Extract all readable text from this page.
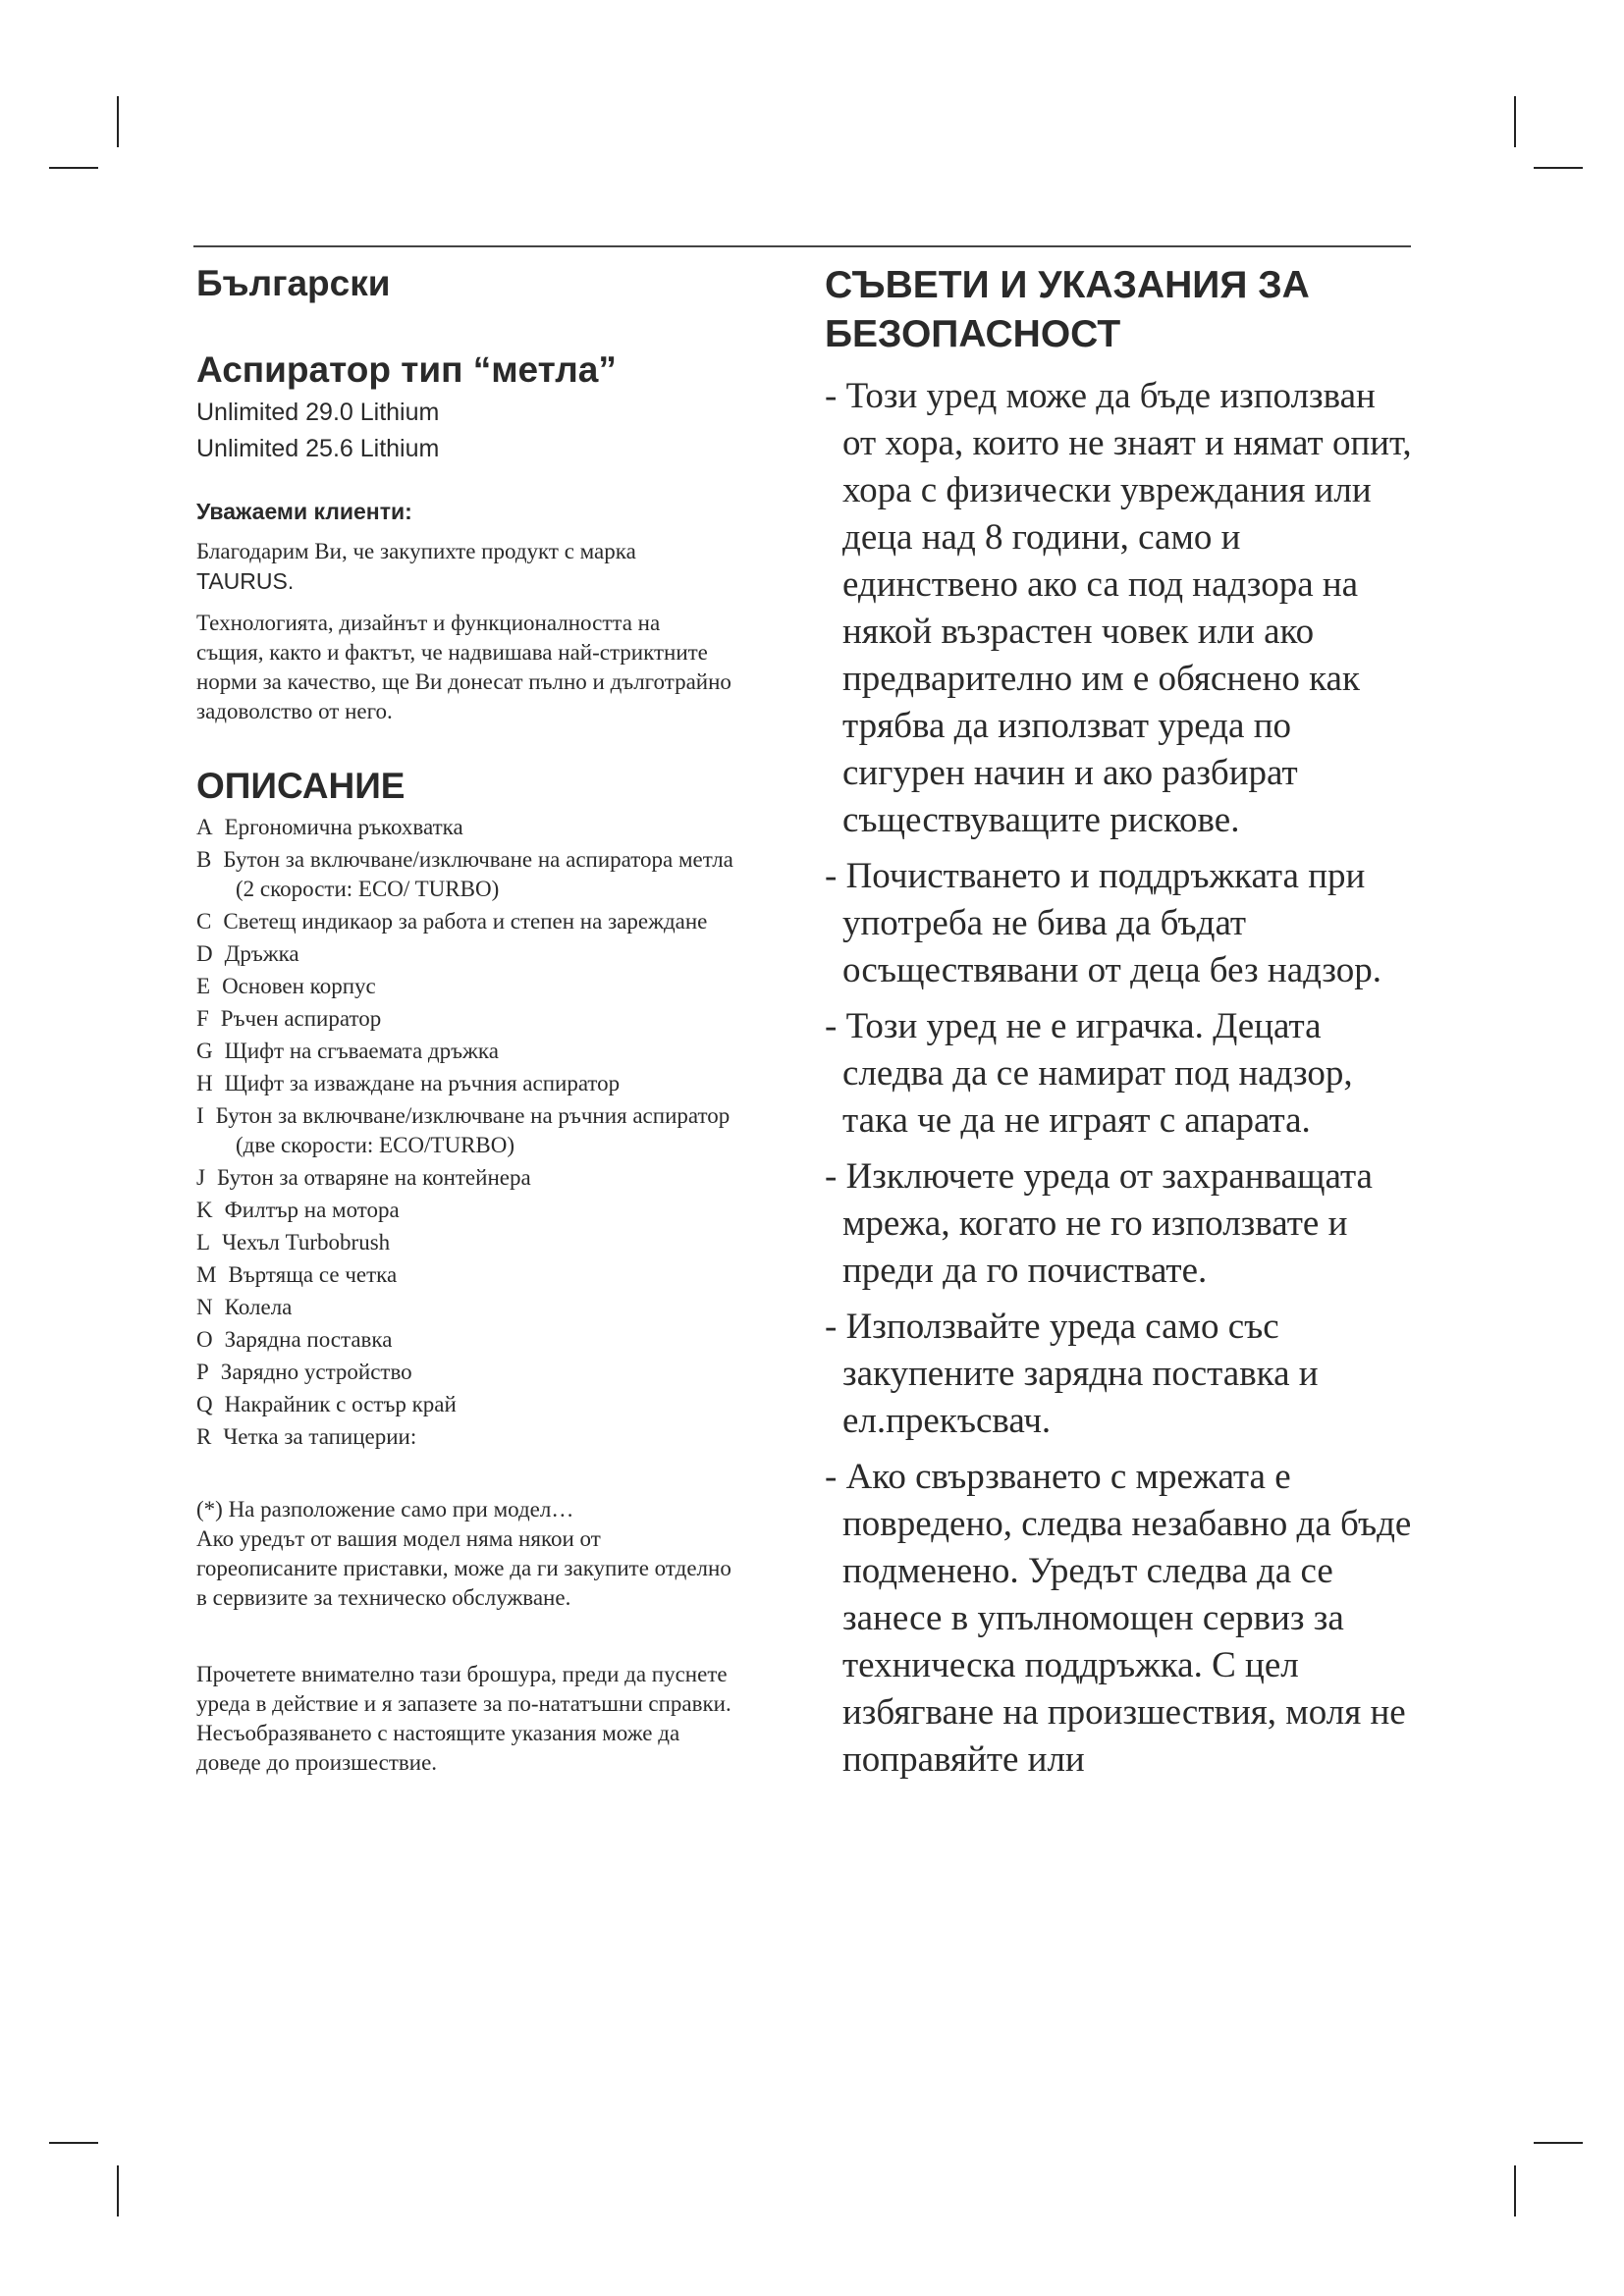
Български
Аспиратор тип “метла”

Unlimited 29.0 Lithium

Unlimited 25.6 Lithium

Уважаеми клиенти:

Благодарим Ви, че закупихте продукт с марка
TAURUS.

Технологията, дизайнът и функционалността на същия, както и фактът, че надвишава най-стриктните норми за качество, ще Ви донесат пълно и дълготрайно задоволство от него.

ОПИСАНИЕ
A Ергономична ръкохватка
B Бутон за включване/изключване на аспиратора метла (2 скорости: ECO/ TURBO)
C Светещ индикаор за работа и степен на зареждане
D Дръжка
E Основен корпус
F Ръчен аспиратор
G Щифт на сгъваемата дръжка
H Щифт за изваждане на ръчния аспиратор
I Бутон за включване/изключване на ръчния аспиратор (две скорости: ECO/TURBO)
J Бутон за отваряне на контейнера
K Филтър на мотора
L Чехъл Turbobrush
M Въртяща се четка
N Колела
O Зарядна поставка
P Зарядно устройство
Q Накрайник с остър край
R Четка за тапицерии:

(*) На разположение само при модел…

Ако уредът от вашия модел няма някои от гореописаните приставки, може да ги закупите отделно в сервизите за техническо обслужване.

Прочетете внимателно тази брошура, преди да пуснете уреда в действие и я запазете за по-нататъшни справки. Несъобразяването с настоящите указания може да доведе до произшествие.

СЪВЕТИ И УКАЗАНИЯ ЗА БЕЗОПАСНОСТ
- Този уред може да бъде използван от хора, които не знаят и нямат опит, хора с физически увреждания или деца над 8 години, само и единствено ако са под надзора на някой възрастен човек или ако предварително им е обяснено как трябва да използват уреда по сигурен начин и ако разбират съществуващите рискове.
- Почистването и поддръжката при употреба не бива да бъдат осъществявани от деца без надзор.
- Този уред не е играчка. Децата следва да се намират под надзор, така че да не играят с апарата.
- Изключете уреда от захранващата мрежа, когато не го използвате и преди да го почиствате.
- Използвайте уреда само със закупените зарядна поставка и ел.прекъсвач.
- Ако свързването с мрежата е повредено, следва незабавно да бъде подменено. Уредът следва да се занесе в упълномощен сервиз за техническа поддръжка. С цел избягване на произшествия, моля не поправяйте или
